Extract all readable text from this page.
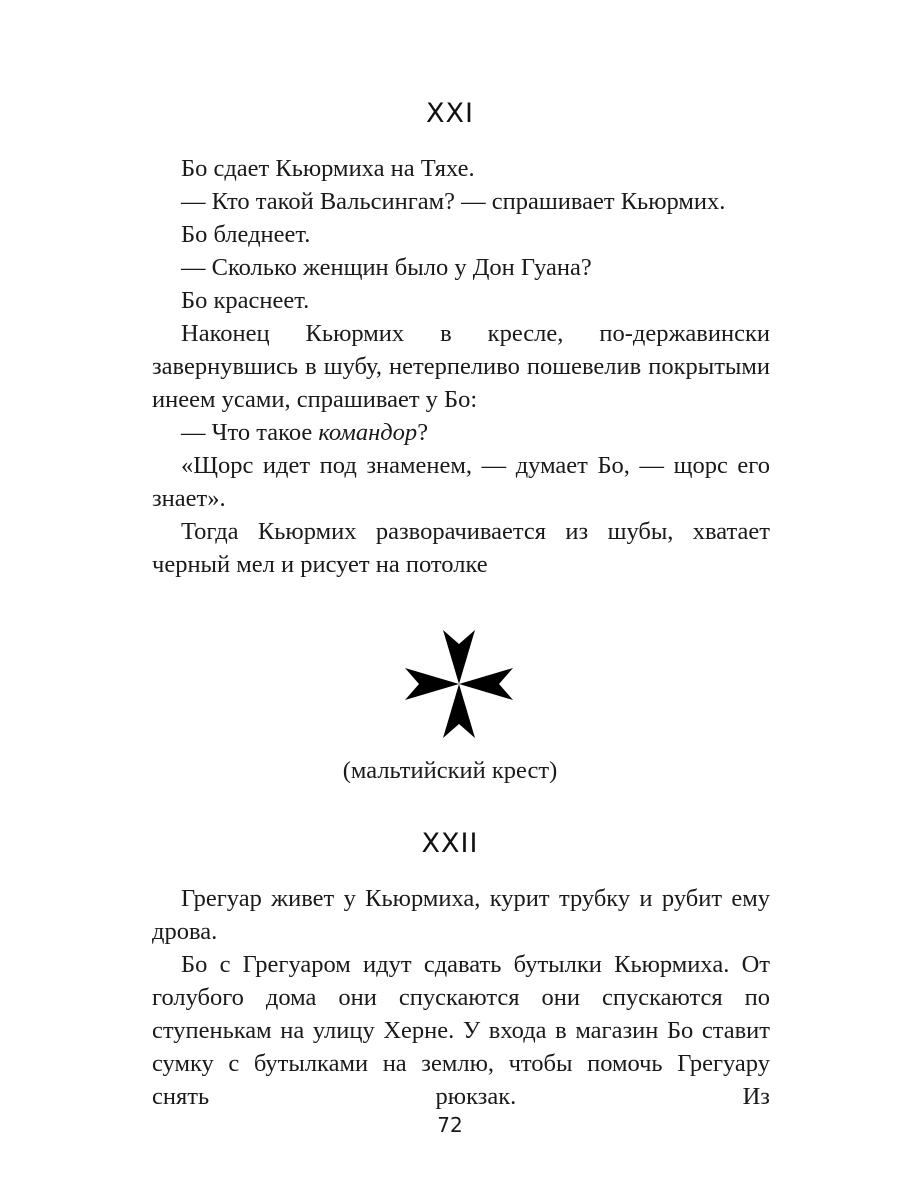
XXI

Бо сдает Кьюрмиха на Тяхе.

— Кто такой Вальсингам? — спрашивает Кьюрмих.

Бо бледнеет.

— Сколько женщин было у Дон Гуана?

Бо краснеет.

Наконец Кьюрмих в кресле, по-державински завернувшись в шубу, нетерпеливо пошевелив покрытыми инеем усами, спрашивает у Бо:

— Что такое командор?

«Щорс идет под знаменем, — думает Бо, — щорс его знает».

Тогда Кьюрмих разворачивается из шубы, хватает черный мел и рисует на потолке

(мальтийский крест)
XXII

Грегуар живет у Кьюрмиха, курит трубку и рубит ему дрова.

Бо с Грегуаром идут сдавать бутылки Кьюрмиха. От голубого дома они спускаются они спускаются по ступенькам на улицу Херне. У входа в магазин Бо ставит сумку с бутылками на землю, чтобы помочь Грегуару снять рюкзак. Из

72
